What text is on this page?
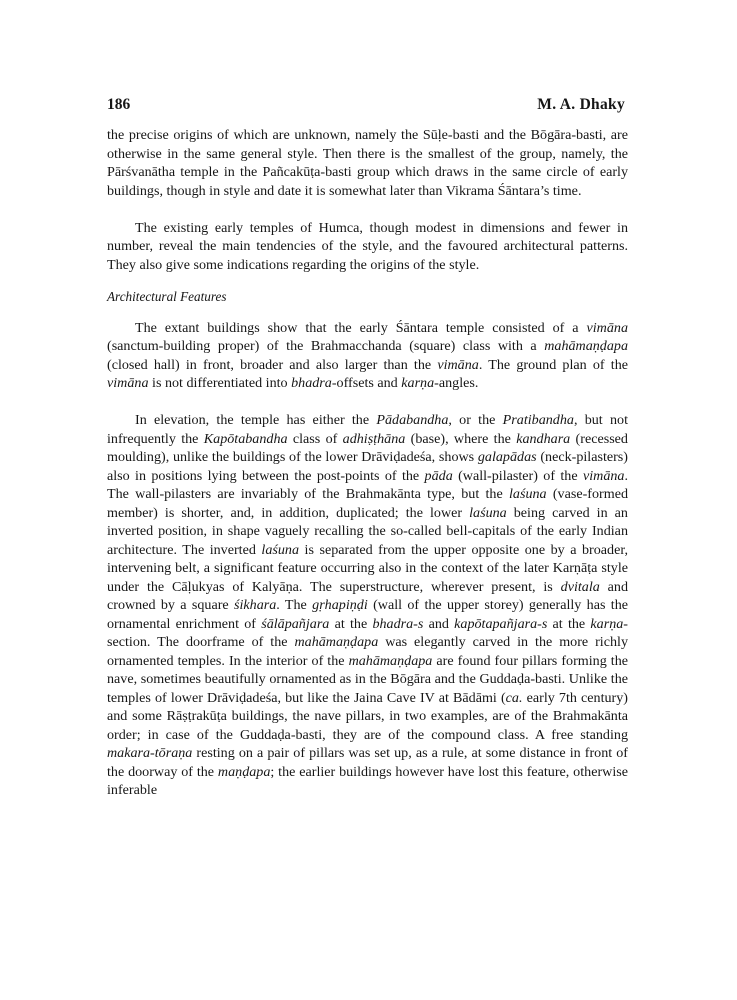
186	M. A. Dhaky

the precise origins of which are unknown, namely the Sūḷe-basti and the Bōgāra-basti, are otherwise in the same general style. Then there is the smallest of the group, namely, the Pārśvanātha temple in the Pañcakūṭa-basti group which draws in the same circle of early buildings, though in style and date it is somewhat later than Vikrama Śāntara’s time.

The existing early temples of Humca, though modest in dimensions and fewer in number, reveal the main tendencies of the style, and the favoured architectural patterns. They also give some indications regarding the origins of the style.

Architectural Features

The extant buildings show that the early Śāntara temple consisted of a vimāna (sanctum-building proper) of the Brahmacchanda (square) class with a mahāmaṇḍapa (closed hall) in front, broader and also larger than the vimāna. The ground plan of the vimāna is not differentiated into bhadra-offsets and karṇa-angles.

In elevation, the temple has either the Pādabandha, or the Pratibandha, but not infrequently the Kapōtabandha class of adhiṣṭhāna (base), where the kandhara (recessed moulding), unlike the buildings of the lower Drāviḍadeśa, shows galapādas (neck-pilasters) also in positions lying between the post-points of the pāda (wall-pilaster) of the vimāna. The wall-pilasters are invariably of the Brahmakānta type, but the laśuna (vase-formed member) is shorter, and, in addition, duplicated; the lower laśuna being carved in an inverted position, in shape vaguely recalling the so-called bell-capitals of the early Indian architecture. The inverted laśuna is separated from the upper opposite one by a broader, intervening belt, a significant feature occurring also in the context of the later Karṇāṭa style under the Cāḷukyas of Kalyāṇa. The superstructure, wherever present, is dvitala and crowned by a square śikhara. The gṛhapiṇḍi (wall of the upper storey) generally has the ornamental enrichment of śālāpañjara at the bhadra-s and kapōtapañjara-s at the karṇa-section. The doorframe of the mahāmaṇḍapa was elegantly carved in the more richly ornamented temples. In the interior of the mahāmaṇḍapa are found four pillars forming the nave, sometimes beautifully ornamented as in the Bōgāra and the Guddaḍa-basti. Unlike the temples of lower Drāviḍadeśa, but like the Jaina Cave IV at Bādāmi (ca. early 7th century) and some Rāṣṭrakūṭa buildings, the nave pillars, in two examples, are of the Brahmakānta order; in case of the Guddaḍa-basti, they are of the compound class. A free standing makara-tōraṇa resting on a pair of pillars was set up, as a rule, at some distance in front of the doorway of the maṇḍapa; the earlier buildings however have lost this feature, otherwise inferable
